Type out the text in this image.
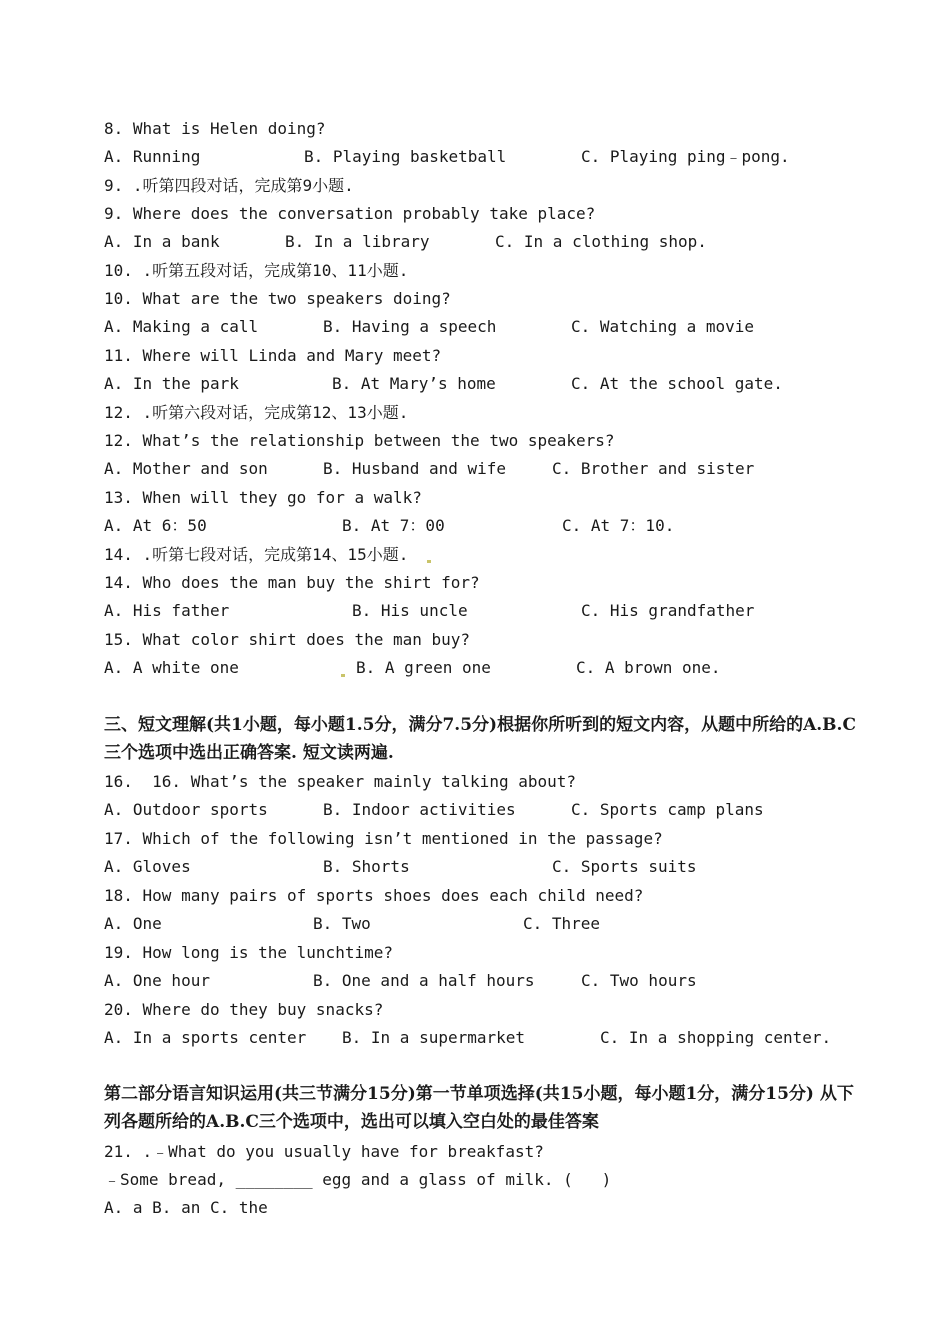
8. What is Helen doing?
9. .听第四段对话，完成第9小题.
9. Where does the conversation probably take place?
10. .听第五段对话，完成第10、11小题.
10. What are the two speakers doing?
11. Where will Linda and Mary meet?
12. .听第六段对话，完成第12、13小题.
12. What’s the relationship between the two speakers?
13. When will they go for a walk?
14. .听第七段对话，完成第14、15小题.
14. Who does the man buy the shirt for?
15. What color shirt does the man buy?
16.  16. What’s the speaker mainly talking about?
17. Which of the following isn’t mentioned in the passage?
18. How many pairs of sports shoes does each child need?
19. How long is the lunchtime?
20. Where do they buy snacks?
21. .﹣What do you usually have for breakfast?
﹣Some bread, ________ egg and a glass of milk. (   )
A. a B. an C. the
A. Running	B. Playing basketball	C. Playing ping﹣pong.
A. In a bank	B. In a library	C. In a clothing shop.
A. Making a call	B. Having a speech	C. Watching a movie
A. In the park	B. At Mary’s home	C. At the school gate.
A. Mother and son	B. Husband and wife	C. Brother and sister
A. At 6：50	B. At 7：00	C. At 7：10.
A. His father	B. His uncle	C. His grandfather
A. A white one	B. A green one	C. A brown one.
A. Outdoor sports	B. Indoor activities	C. Sports camp plans
A. Gloves	B. Shorts	C. Sports suits
A. One	B. Two	C. Three
A. One hour	B. One and a half hours	C. Two hours
A. In a sports center B. In a supermarket	C. In a shopping center.
三、短文理解(共1小题，每小题1.5分，满分7.5分)根据你所听到的短文内容，从题中所给的A.B.C三个选项中选出正确答案. 短文读两遍.
第二部分语言知识运用(共三节满分15分)第一节单项选择(共15小题，每小题1分，满分15分) 从下列各题所给的A.B.C三个选项中，选出可以填入空白处的最佳答案
